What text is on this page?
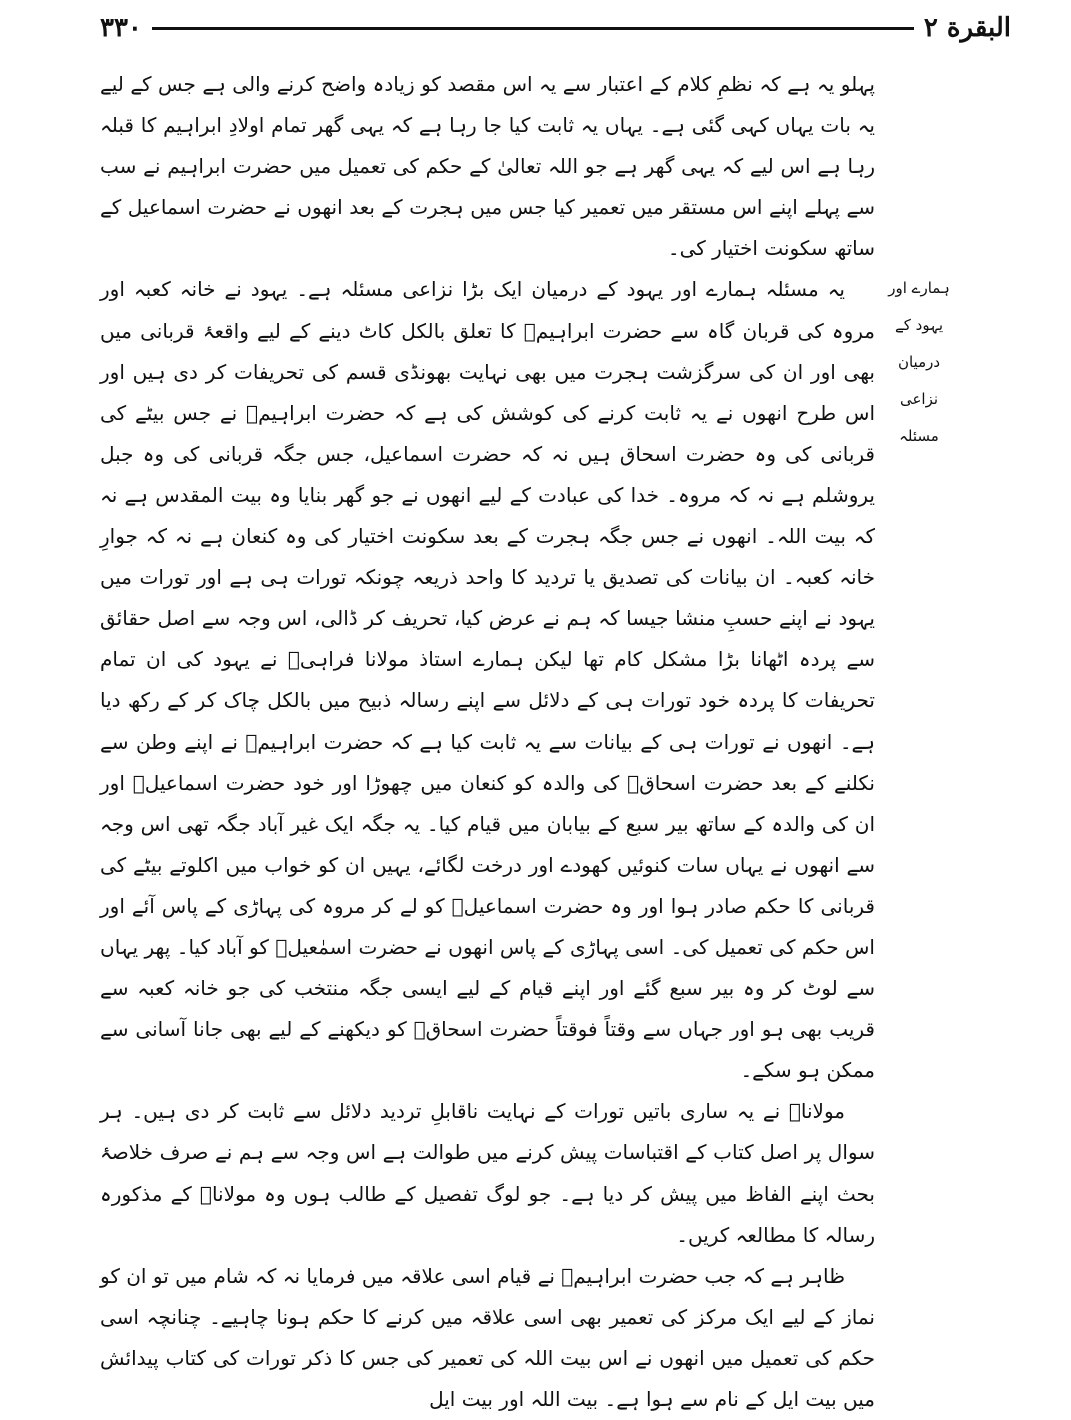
۳۳۰	البقرة ۲

پہلو یہ ہے کہ نظمِ کلام کے اعتبار سے یہ اس مقصد کو زیادہ واضح کرنے والی ہے جس کے لیے یہ بات یہاں کہی گئی ہے۔ یہاں یہ ثابت کیا جا رہا ہے کہ یہی گھر تمام اولادِ ابراہیم کا قبلہ رہا ہے اس لیے کہ یہی گھر ہے جو اللہ تعالیٰ کے حکم کی تعمیل میں حضرت ابراہیم نے سب سے پہلے اپنے اس مستقر میں تعمیر کیا جس میں ہجرت کے بعد انھوں نے حضرت اسماعیل کے ساتھ سکونت اختیار کی۔

یہ مسئلہ ہمارے اور یہود کے درمیان ایک بڑا نزاعی مسئلہ ہے۔ یہود نے خانہ کعبہ اور مروہ کی قربان گاہ سے حضرت ابراہیمؑ کا تعلق بالکل کاٹ دینے کے لیے واقعۂ قربانی میں بھی اور ان کی سرگزشت ہجرت میں بھی نہایت بھونڈی قسم کی تحریفات کر دی ہیں اور اس طرح انھوں نے یہ ثابت کرنے کی کوشش کی ہے کہ حضرت ابراہیمؑ نے جس بیٹے کی قربانی کی وہ حضرت اسحاق ہیں نہ کہ حضرت اسماعیل، جس جگہ قربانی کی وہ جبل یروشلم ہے نہ کہ مروہ۔ خدا کی عبادت کے لیے انھوں نے جو گھر بنایا وہ بیت المقدس ہے نہ کہ بیت اللہ۔ انھوں نے جس جگہ ہجرت کے بعد سکونت اختیار کی وہ کنعان ہے نہ کہ جوارِ خانہ کعبہ۔ ان بیانات کی تصدیق یا تردید کا واحد ذریعہ چونکہ تورات ہی ہے اور تورات میں یہود نے اپنے حسبِ منشا جیسا کہ ہم نے عرض کیا، تحریف کر ڈالی، اس وجہ سے اصل حقائق سے پردہ اٹھانا بڑا مشکل کام تھا لیکن ہمارے استاذ مولانا فراہیؒ نے یہود کی ان تمام تحریفات کا پردہ خود تورات ہی کے دلائل سے اپنے رسالہ ذبیح میں بالکل چاک کر کے رکھ دیا ہے۔ انھوں نے تورات ہی کے بیانات سے یہ ثابت کیا ہے کہ حضرت ابراہیمؑ نے اپنے وطن سے نکلنے کے بعد حضرت اسحاقؑ کی والدہ کو کنعان میں چھوڑا اور خود حضرت اسماعیلؑ اور ان کی والدہ کے ساتھ بیر سبع کے بیابان میں قیام کیا۔ یہ جگہ ایک غیر آباد جگہ تھی اس وجہ سے انھوں نے یہاں سات کنوئیں کھودے اور درخت لگائے، یہیں ان کو خواب میں اکلوتے بیٹے کی قربانی کا حکم صادر ہوا اور وہ حضرت اسماعیلؑ کو لے کر مروہ کی پہاڑی کے پاس آئے اور اس حکم کی تعمیل کی۔ اسی پہاڑی کے پاس انھوں نے حضرت اسمٰعیلؑ کو آباد کیا۔ پھر یہاں سے لوٹ کر وہ بیر سبع گئے اور اپنے قیام کے لیے ایسی جگہ منتخب کی جو خانہ کعبہ سے قریب بھی ہو اور جہاں سے وقتاً فوقتاً حضرت اسحاقؑ کو دیکھنے کے لیے بھی جانا آسانی سے ممکن ہو سکے۔

مولاناؒ نے یہ ساری باتیں تورات کے نہایت ناقابلِ تردید دلائل سے ثابت کر دی ہیں۔ ہر سوال پر اصل کتاب کے اقتباسات پیش کرنے میں طوالت ہے اس وجہ سے ہم نے صرف خلاصۂ بحث اپنے الفاظ میں پیش کر دیا ہے۔ جو لوگ تفصیل کے طالب ہوں وہ مولاناؒ کے مذکورہ رسالہ کا مطالعہ کریں۔

ظاہر ہے کہ جب حضرت ابراہیمؑ نے قیام اسی علاقہ میں فرمایا نہ کہ شام میں تو ان کو نماز کے لیے ایک مرکز کی تعمیر بھی اسی علاقہ میں کرنے کا حکم ہونا چاہیے۔ چنانچہ اسی حکم کی تعمیل میں انھوں نے اس بیت اللہ کی تعمیر کی جس کا ذکر تورات کی کتاب پیدائش میں بیت ایل کے نام سے ہوا ہے۔ بیت اللہ اور بیت ایل

ہمارے اور یہود کے درمیان نزاعی مسئلہ
